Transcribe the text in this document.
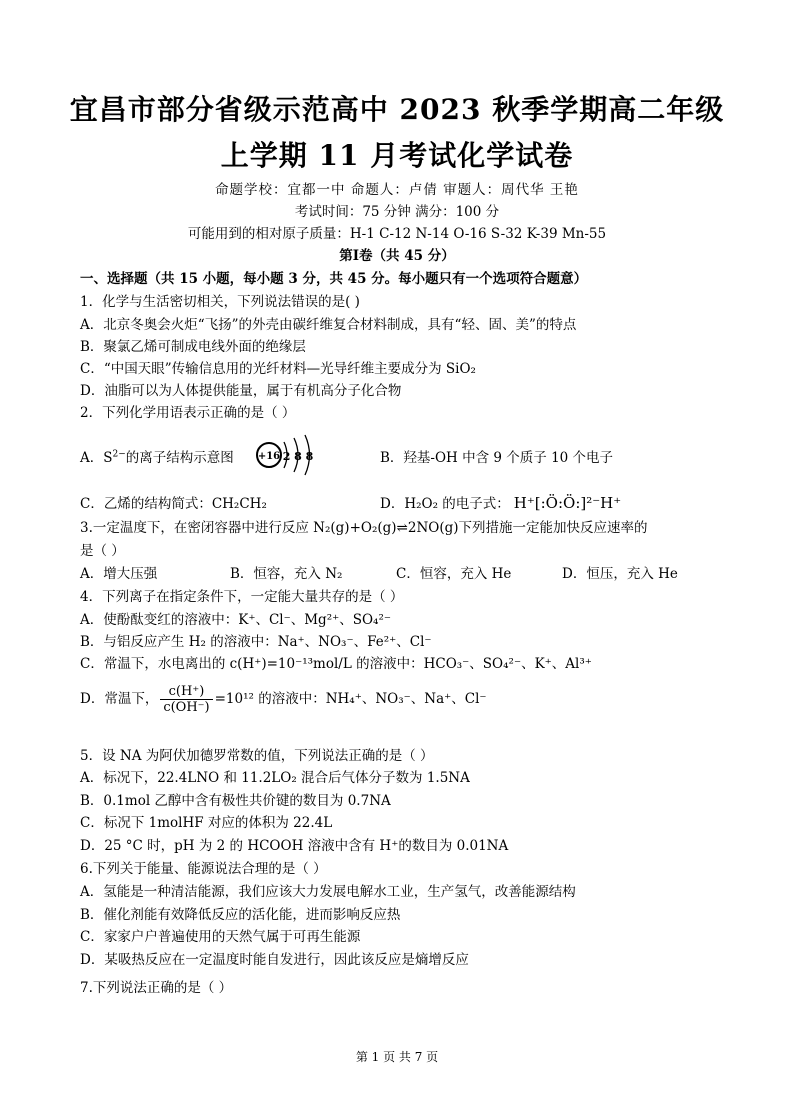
宜昌市部分省级示范高中 2023 秋季学期高二年级
上学期 11 月考试化学试卷
命题学校：宜都一中 命题人：卢倩 审题人：周代华 王艳
考试时间：75 分钟 满分：100 分
可能用到的相对原子质量：H-1 C-12 N-14 O-16 S-32 K-39 Mn-55
第Ⅰ卷（共 45 分）
一、选择题（共 15 小题，每小题 3 分，共 45 分。每小题只有一个选项符合题意）
1．化学与生活密切相关，下列说法错误的是( )
A．北京冬奥会火炬“飞扬”的外壳由碳纤维复合材料制成，具有“轻、固、美”的特点
B．聚氯乙烯可制成电线外面的绝缘层
C．“中国天眼”传输信息用的光纤材料—光导纤维主要成分为 SiO₂
D．油脂可以为人体提供能量，属于有机高分子化合物
2．下列化学用语表示正确的是（ ）
A．$S^{2-}$的离子结构示意图 +16 2 8 8	B．羟基-OH 中含 9 个质子 10 个电子
C．乙烯的结构简式：CH₂CH₂	D．H₂O₂ 的电子式： H⁺[:Ö:Ö:]²⁻H⁺
3.一定温度下，在密闭容器中进行反应 N₂(g)+O₂(g)⇌2NO(g)下列措施一定能加快反应速率的
是（ ）
A．增大压强	B．恒容，充入 N₂	C．恒容，充入 He	D．恒压，充入 He
4．下列离子在指定条件下，一定能大量共存的是（ ）
A．使酚酞变红的溶液中：K⁺、Cl⁻、Mg²⁺、SO₄²⁻
B．与铝反应产生 H₂ 的溶液中：Na⁺、NO₃⁻、Fe²⁺、Cl⁻
C．常温下，水电离出的 c(H⁺)=10⁻¹³mol/L 的溶液中：HCO₃⁻、SO₄²⁻、K⁺、Al³⁺
D．常温下， $\frac{c(H^+)}{c(OH^-)} =10^{12}$ 的溶液中：NH₄⁺、NO₃⁻、Na⁺、Cl⁻
5．设 NA 为阿伏加德罗常数的值，下列说法正确的是（ ）
A．标况下，22.4LNO 和 11.2LO₂ 混合后气体分子数为 1.5NA
B．0.1mol 乙醇中含有极性共价键的数目为 0.7NA
C．标况下 1molHF 对应的体积为 22.4L
D．25 °C 时，pH 为 2 的 HCOOH 溶液中含有 H⁺的数目为 0.01NA
6.下列关于能量、能源说法合理的是（ ）
A．氢能是一种清洁能源，我们应该大力发展电解水工业，生产氢气，改善能源结构
B．催化剂能有效降低反应的活化能，进而影响反应热
C．家家户户普遍使用的天然气属于可再生能源
D．某吸热反应在一定温度时能自发进行，因此该反应是熵增反应
7.下列说法正确的是（ ）
第 1 页 共 7 页
